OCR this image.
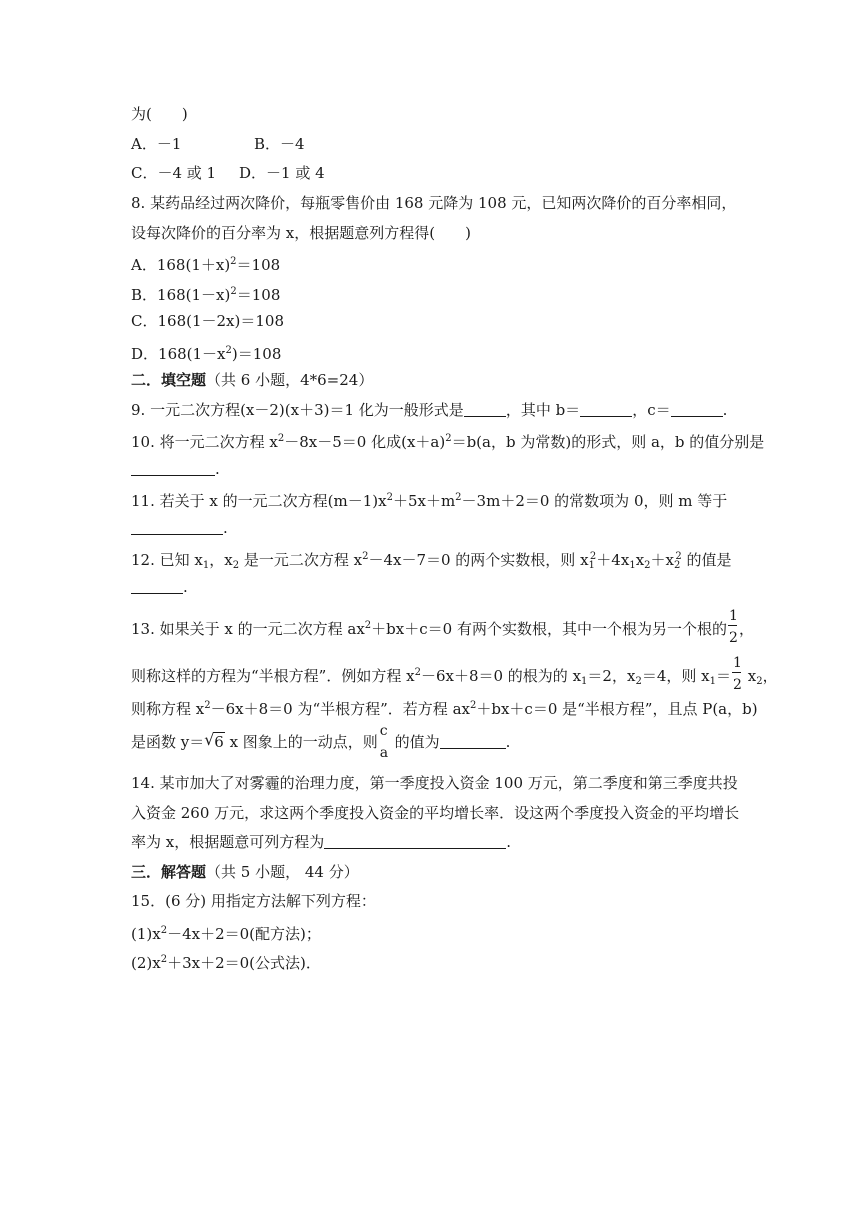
为(　　)
A．－1	B．－4
C．－4 或 1 D．－1 或 4
8. 某药品经过两次降价，每瓶零售价由 168 元降为 108 元，已知两次降价的百分率相同，
设每次降价的百分率为 x，根据题意列方程得(　　)
A．$168(1+x)^2=108$
B．$168(1-x)^2=108$
C．168(1－2x)＝108
D．$168(1-x^2)=108$
二．填空题（共 6 小题，4*6=24）
9. 一元二次方程(x－2)(x＋3)＝1 化为一般形式是	，其中 b＝	，c＝	.
10. 将一元二次方程 $x^2-8x-5=0$ 化成$(x+a)^2=b(a$，b 为常数)的形式，则 a，b 的值分别是
.
11. 若关于 x 的一元二次方程$(m-1)x^2+5x+m^2-3m+2=0$ 的常数项为 0，则 m 等于
.
12. 已知 $x_1$，$x_2$ 是一元二次方程 $x^2-4x-7=0$ 的两个实数根，则 $x_1^2+4x_1x_2+x_2^2$ 的值是
.
13. 如果关于 x 的一元二次方程 $ax^2+bx+c=0$ 有两个实数根，其中一个根为另一个根的 $\frac{1}{2}$ ，
则称这样的方程为“半根方程”．例如方程 $x^2-6x+8=0$ 的根为的 $x_1=2$，$x_2=4$，则 $x_1= \frac{1}{2} x_2$，
则称方程 $x^2-6x+8=0$ 为“半根方程”．若方程 $ax^2+bx+c=0$ 是“半根方程”，且点 P(a，b)
是函数 y＝ √ 6 x 图象上的一动点，则
c
a
的值为	.
14. 某市加大了对雾霾的治理力度，第一季度投入资金 100 万元，第二季度和第三季度共投
入资金 260 万元，求这两个季度投入资金的平均增长率．设这两个季度投入资金的平均增长
率为 x，根据题意可列方程为	.
三．解答题（共 5 小题， 44 分）
15．(6 分) 用指定方法解下列方程：
$(1)x^2-4x+2=0$(配方法)；
$(2)x^2+3x+2=0$(公式法)．
